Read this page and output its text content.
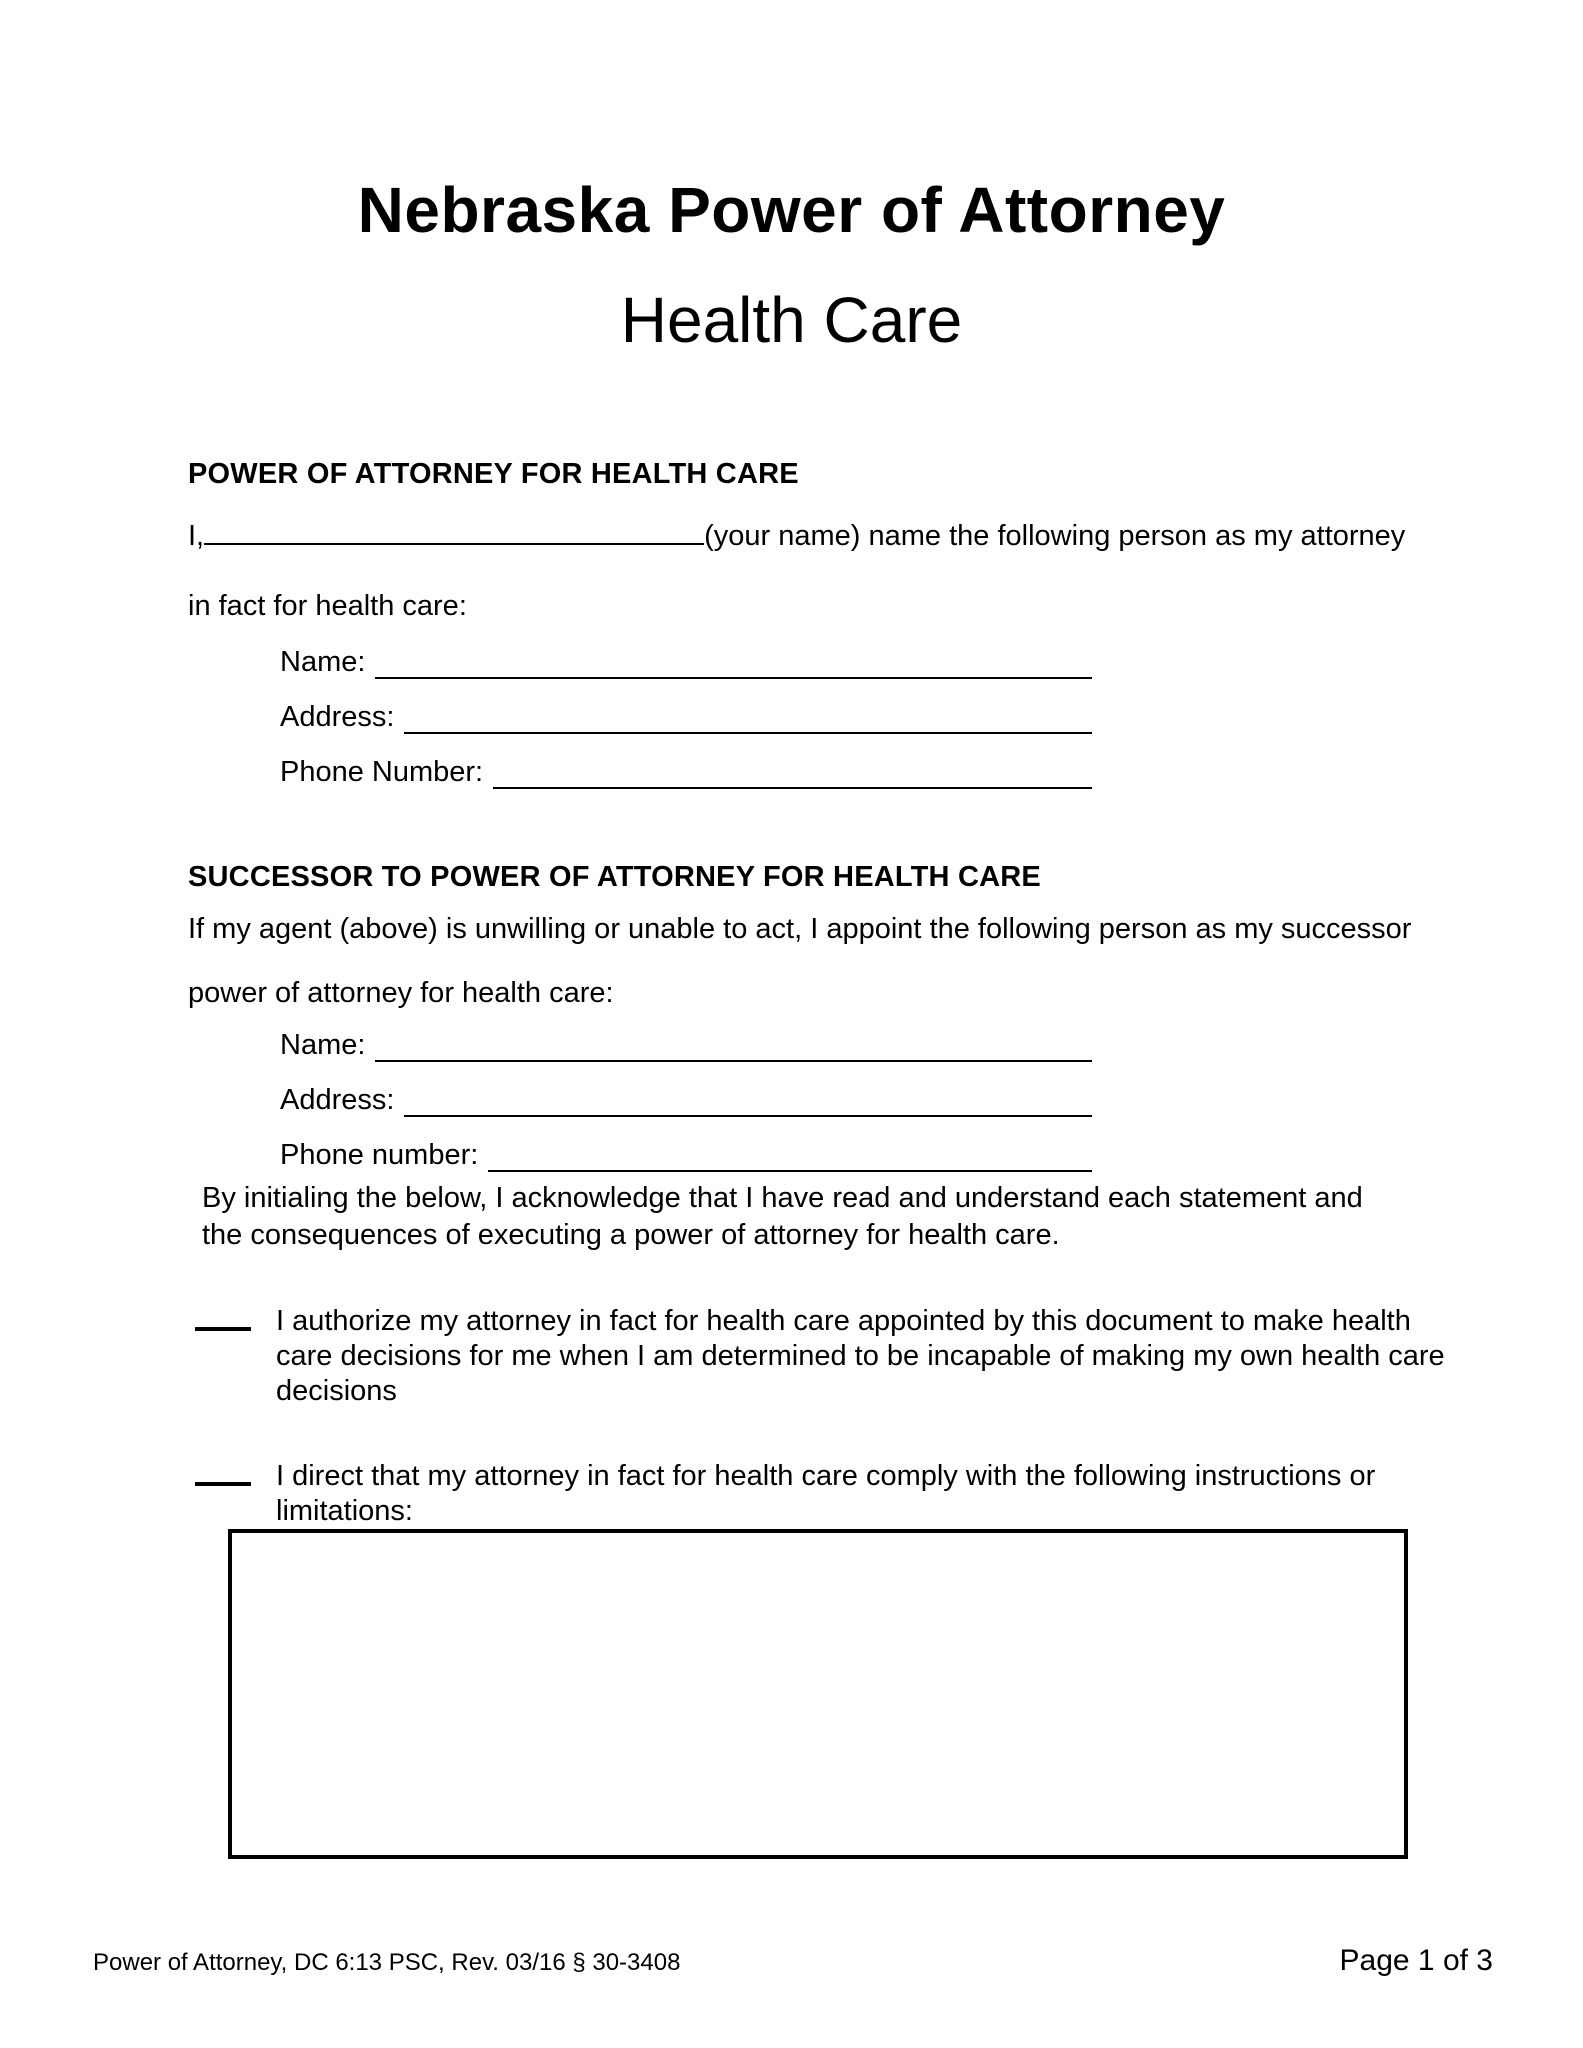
Nebraska Power of Attorney
Health Care
POWER OF ATTORNEY FOR HEALTH CARE
I,	(your name) name the following person as my attorney
in fact for health care:
Name:
Address:
Phone Number:
SUCCESSOR TO POWER OF ATTORNEY FOR HEALTH CARE
If my agent (above) is unwilling or unable to act, I appoint the following person as my successor
power of attorney for health care:
Name:
Address:
Phone number:
By initialing the below, I acknowledge that I have read and understand each statement and
the consequences of executing a power of attorney for health care.
I authorize my attorney in fact for health care appointed by this document to make health
care decisions for me when I am determined to be incapable of making my own health care
decisions
I direct that my attorney in fact for health care comply with the following instructions or
limitations:
Power of Attorney, DC 6:13 PSC, Rev. 03/16 § 30-3408	Page 1 of 3
